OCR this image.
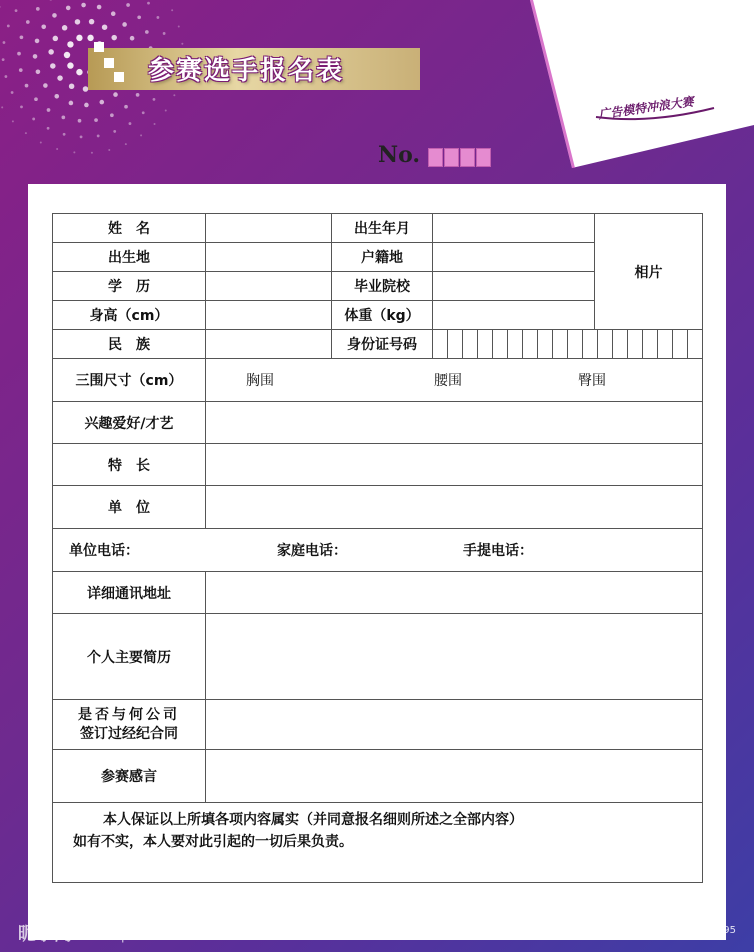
广告模特冲浪大赛
参赛选手报名表
No.
姓　名		出生年月		相片
出生地		户籍地		
学　历		毕业院校		
身高（cm）		体重（kg）		
民　族		身份证号码		

三围尺寸（cm）	胸围 腰围 臀围			

兴趣爱好/才艺				
特　长				
单　位				

单位电话： 家庭电话： 手提电话：				

详细通讯地址				
个人主要简历				

是否与何公司
签订过经纪合同				

参赛感言				

本人保证以上所填各项内容属实（并同意报名细则所述之全部内容）
如有不实，本人要对此引起的一切后果负责。				
昵享网 www.nipic.cn	ID:725343 NO:20080528131400754995
